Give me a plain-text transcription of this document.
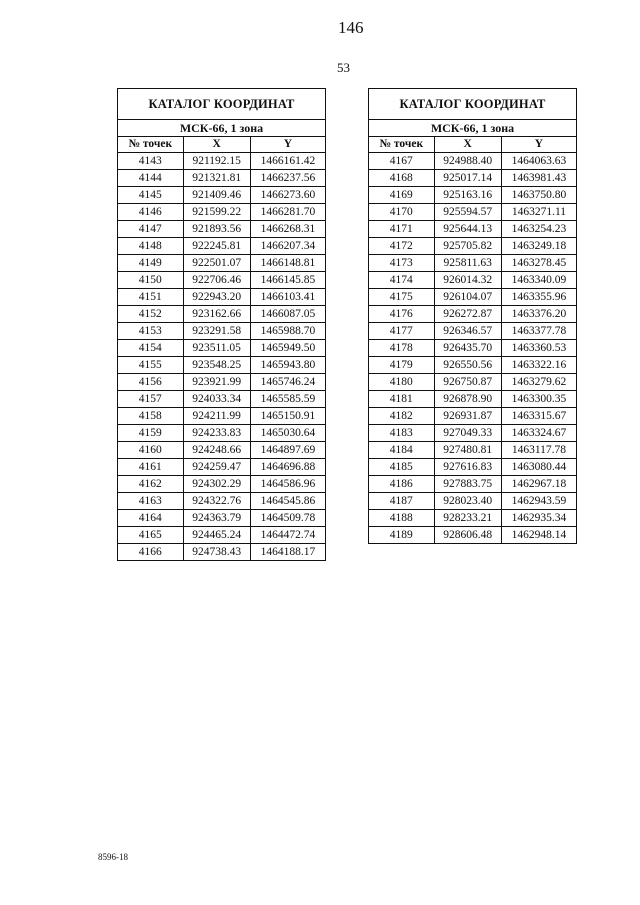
146
53
КАТАЛОГ КООРДИНАТ		
МСК-66, 1 зона		
№ точек	X	Y
4143	921192.15	1466161.42
4144	921321.81	1466237.56
4145	921409.46	1466273.60
4146	921599.22	1466281.70
4147	921893.56	1466268.31
4148	922245.81	1466207.34
4149	922501.07	1466148.81
4150	922706.46	1466145.85
4151	922943.20	1466103.41
4152	923162.66	1466087.05
4153	923291.58	1465988.70
4154	923511.05	1465949.50
4155	923548.25	1465943.80
4156	923921.99	1465746.24
4157	924033.34	1465585.59
4158	924211.99	1465150.91
4159	924233.83	1465030.64
4160	924248.66	1464897.69
4161	924259.47	1464696.88
4162	924302.29	1464586.96
4163	924322.76	1464545.86
4164	924363.79	1464509.78
4165	924465.24	1464472.74
4166	924738.43	1464188.17
КАТАЛОГ КООРДИНАТ		
МСК-66, 1 зона		
№ точек	X	Y
4167	924988.40	1464063.63
4168	925017.14	1463981.43
4169	925163.16	1463750.80
4170	925594.57	1463271.11
4171	925644.13	1463254.23
4172	925705.82	1463249.18
4173	925811.63	1463278.45
4174	926014.32	1463340.09
4175	926104.07	1463355.96
4176	926272.87	1463376.20
4177	926346.57	1463377.78
4178	926435.70	1463360.53
4179	926550.56	1463322.16
4180	926750.87	1463279.62
4181	926878.90	1463300.35
4182	926931.87	1463315.67
4183	927049.33	1463324.67
4184	927480.81	1463117.78
4185	927616.83	1463080.44
4186	927883.75	1462967.18
4187	928023.40	1462943.59
4188	928233.21	1462935.34
4189	928606.48	1462948.14
8596-18
